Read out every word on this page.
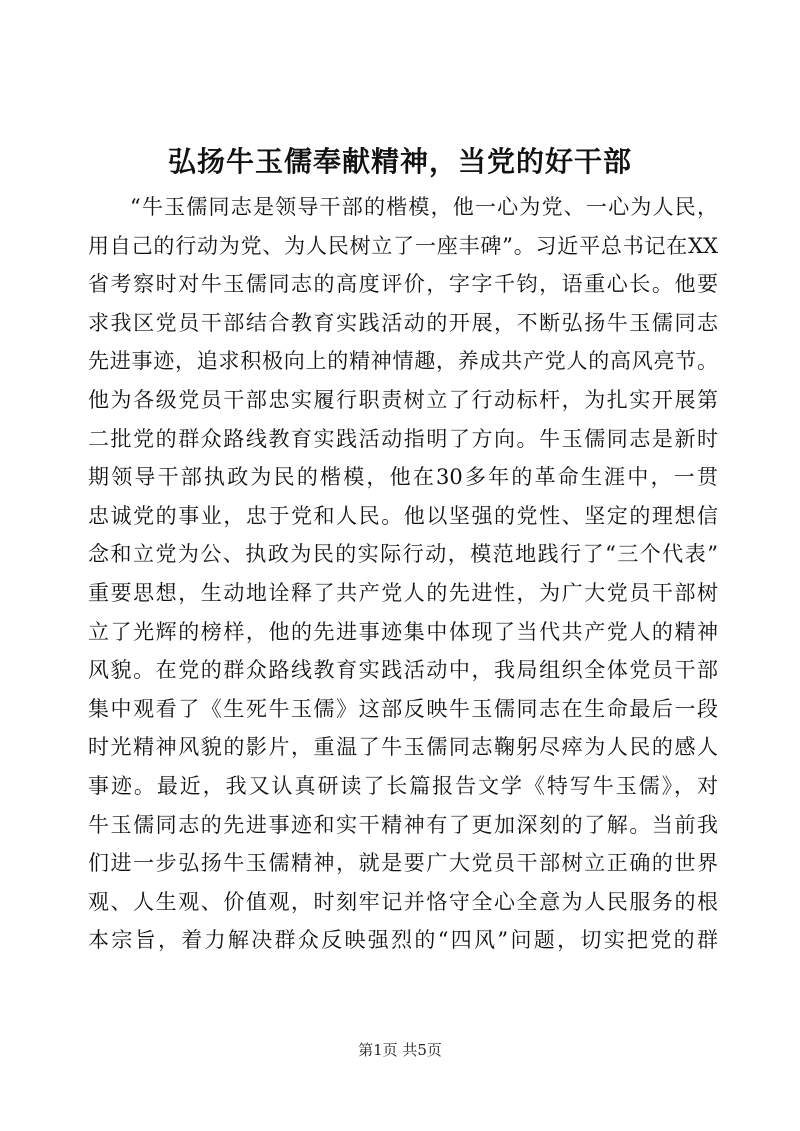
弘扬牛玉儒奉献精神，当党的好干部
“牛玉儒同志是领导干部的楷模，他一心为党、一心为人民，
用自己的行动为党、为人民树立了一座丰碑”。习近平总书记在XX
省考察时对牛玉儒同志的高度评价，字字千钧，语重心长。他要
求我区党员干部结合教育实践活动的开展，不断弘扬牛玉儒同志
先进事迹，追求积极向上的精神情趣，养成共产党人的高风亮节。
他为各级党员干部忠实履行职责树立了行动标杆，为扎实开展第
二批党的群众路线教育实践活动指明了方向。牛玉儒同志是新时
期领导干部执政为民的楷模，他在30多年的革命生涯中，一贯
忠诚党的事业，忠于党和人民。他以坚强的党性、坚定的理想信
念和立党为公、执政为民的实际行动，模范地践行了“三个代表”
重要思想，生动地诠释了共产党人的先进性，为广大党员干部树
立了光辉的榜样，他的先进事迹集中体现了当代共产党人的精神
风貌。在党的群众路线教育实践活动中，我局组织全体党员干部
集中观看了《生死牛玉儒》这部反映牛玉儒同志在生命最后一段
时光精神风貌的影片，重温了牛玉儒同志鞠躬尽瘁为人民的感人
事迹。最近，我又认真研读了长篇报告文学《特写牛玉儒》，对
牛玉儒同志的先进事迹和实干精神有了更加深刻的了解。当前我
们进一步弘扬牛玉儒精神，就是要广大党员干部树立正确的世界
观、人生观、价值观，时刻牢记并恪守全心全意为人民服务的根
本宗旨，着力解决群众反映强烈的“四风”问题，切实把党的群
第1页 共5页
